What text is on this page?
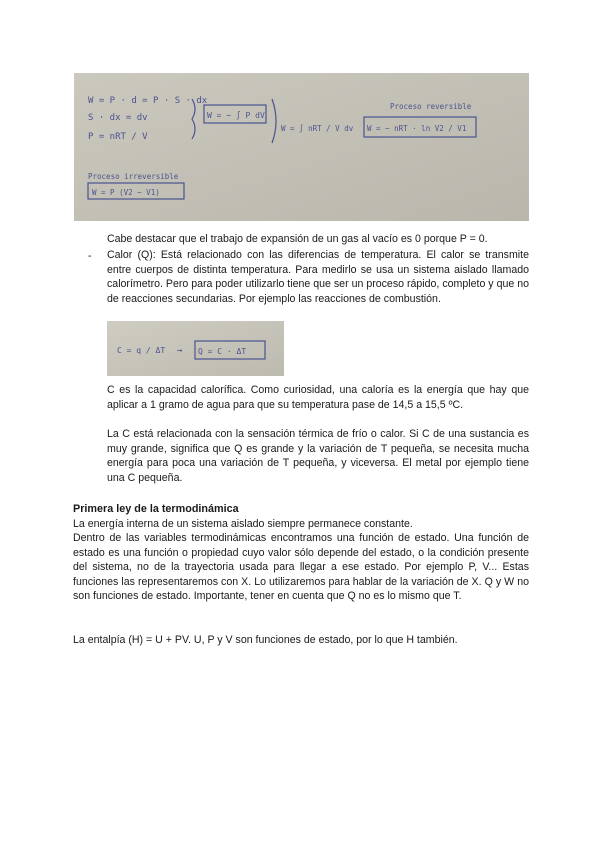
W = P · d = P · S · dx
S · dx = dv
P = nRT / V
W = − ∫ P dV
W = ∫ nRT / V dv
Proceso reversible
W = − nRT · ln V2 / V1
Proceso irreversible
W = P (V2 − V1)
Cabe destacar que el trabajo de expansión de un gas al vacío es 0 porque P = 0.
- Calor (Q): Está relacionado con las diferencias de temperatura. El calor se transmite entre cuerpos de distinta temperatura. Para medirlo se usa un sistema aislado llamado calorímetro. Pero para poder utilizarlo tiene que ser un proceso rápido, completo y que no de reacciones secundarias. Por ejemplo las reacciones de combustión.
C = q / ΔT → Q = C · ΔT
C es la capacidad calorífica. Como curiosidad, una caloría es la energía que hay que aplicar a 1 gramo de agua para que su temperatura pase de 14,5 a 15,5 ºC.
La C está relacionada con la sensación térmica de frío o calor. Si C de una sustancia es muy grande, significa que Q es grande y la variación de T pequeña, se necesita mucha energía para poca una variación de T pequeña, y viceversa. El metal por ejemplo tiene una C pequeña.
Primera ley de la termodinámica
La energía interna de un sistema aislado siempre permanece constante.
Dentro de las variables termodinámicas encontramos una función de estado. Una función de estado es una función o propiedad cuyo valor sólo depende del estado, o la condición presente del sistema, no de la trayectoria usada para llegar a ese estado. Por ejemplo P, V... Estas funciones las representaremos con X. Lo utilizaremos para hablar de la variación de X. Q y W no son funciones de estado. Importante, tener en cuenta que Q no es lo mismo que T.
La entalpía (H) = U + PV. U, P y V son funciones de estado, por lo que H también.
